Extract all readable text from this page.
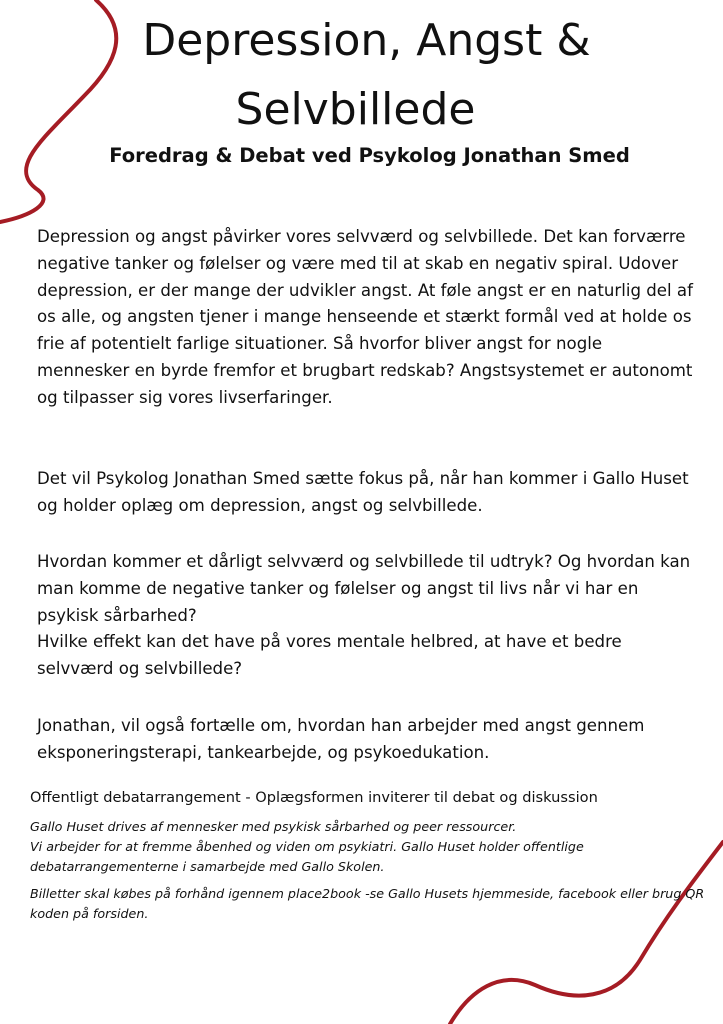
Depression, Angst &
Selvbillede
Foredrag & Debat ved Psykolog Jonathan Smed

Depression og angst påvirker vores selvværd og selvbillede. Det kan forværre negative tanker og følelser og være med til at skab en negativ spiral. Udover depression, er der mange der udvikler angst. At føle angst er en naturlig del af os alle, og angsten tjener i mange henseende et stærkt formål ved at holde os frie af potentielt farlige situationer. Så hvorfor bliver angst for nogle mennesker en byrde fremfor et brugbart redskab? Angstsystemet er autonomt og tilpasser sig vores livserfaringer.

Det vil Psykolog Jonathan Smed sætte fokus på, når han kommer i Gallo Huset og holder oplæg om depression, angst og selvbillede.

Hvordan kommer et dårligt selvværd og selvbillede til udtryk? Og hvordan kan man komme de negative tanker og følelser og angst til livs når vi har en psykisk sårbarhed?
Hvilke effekt kan det have på vores mentale helbred, at have et bedre selvværd og selvbillede?

Jonathan, vil også fortælle om, hvordan han arbejder med angst gennem eksponeringsterapi, tankearbejde, og psykoedukation.

Offentligt debatarrangement - Oplægsformen inviterer til debat og diskussion

Gallo Huset drives af mennesker med psykisk sårbarhed og peer ressourcer.
Vi arbejder for at fremme åbenhed og viden om psykiatri. Gallo Huset holder offentlige debatarrangementerne i samarbejde med Gallo Skolen.

Billetter skal købes på forhånd igennem place2book -se Gallo Husets hjemmeside, facebook eller brug QR koden på forsiden.
